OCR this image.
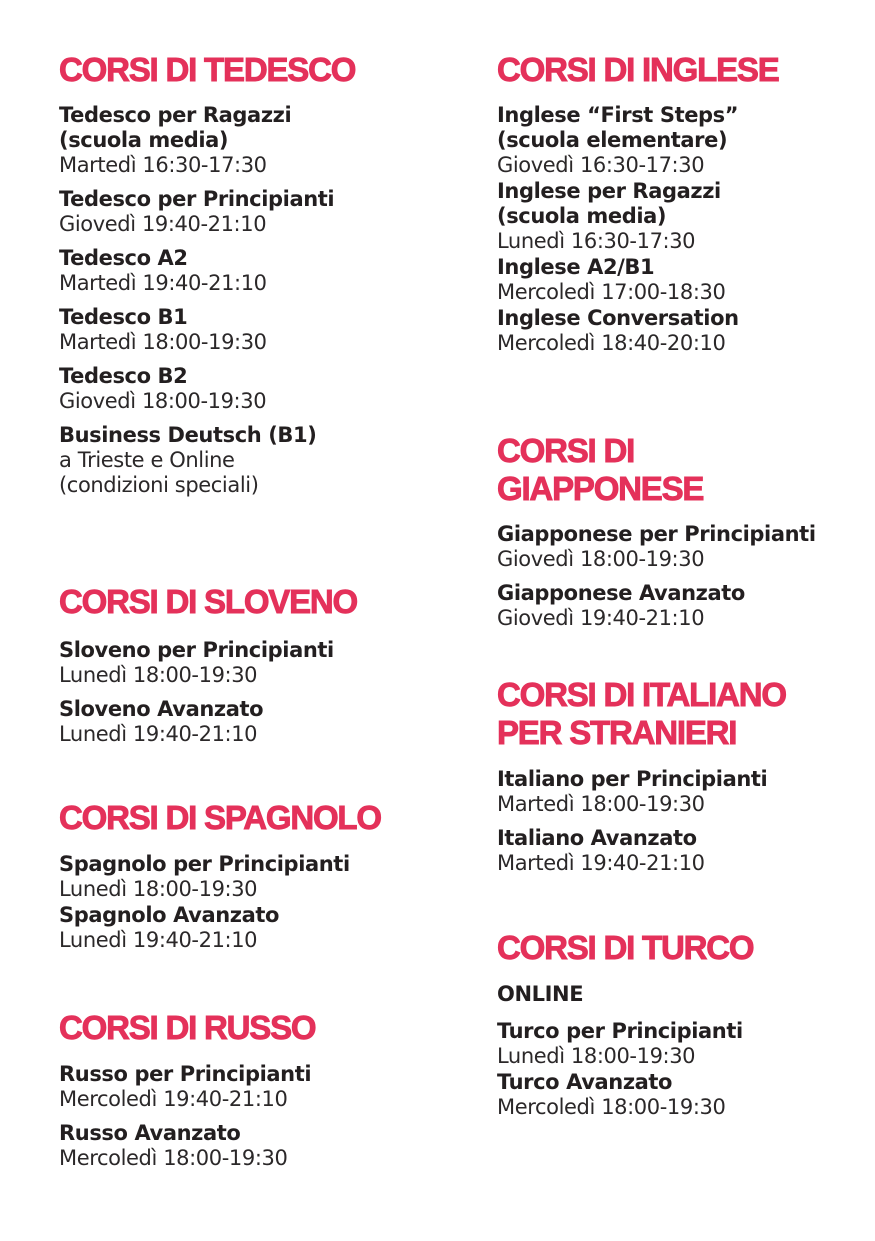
CORSI DI TEDESCO
Tedesco per Ragazzi
(scuola media)
Martedì 16:30-17:30
Tedesco per Principianti
Giovedì 19:40-21:10
Tedesco A2
Martedì 19:40-21:10
Tedesco B1
Martedì 18:00-19:30
Tedesco B2
Giovedì 18:00-19:30
Business Deutsch (B1)
a Trieste e Online
(condizioni speciali)
CORSI DI SLOVENO
Sloveno per Principianti
Lunedì 18:00-19:30
Sloveno Avanzato
Lunedì 19:40-21:10
CORSI DI SPAGNOLO
Spagnolo per Principianti
Lunedì 18:00-19:30
Spagnolo Avanzato
Lunedì 19:40-21:10
CORSI DI RUSSO
Russo per Principianti
Mercoledì 19:40-21:10
Russo Avanzato
Mercoledì 18:00-19:30
CORSI DI INGLESE
Inglese “First Steps”
(scuola elementare)
Giovedì 16:30-17:30
Inglese per Ragazzi
(scuola media)
Lunedì 16:30-17:30
Inglese A2/B1
Mercoledì 17:00-18:30
Inglese Conversation
Mercoledì 18:40-20:10
CORSI DI
GIAPPONESE
Giapponese per Principianti
Giovedì 18:00-19:30
Giapponese Avanzato
Giovedì 19:40-21:10
CORSI DI ITALIANO
PER STRANIERI
Italiano per Principianti
Martedì 18:00-19:30
Italiano Avanzato
Martedì 19:40-21:10
CORSI DI TURCO
ONLINE
Turco per Principianti
Lunedì 18:00-19:30
Turco Avanzato
Mercoledì 18:00-19:30
